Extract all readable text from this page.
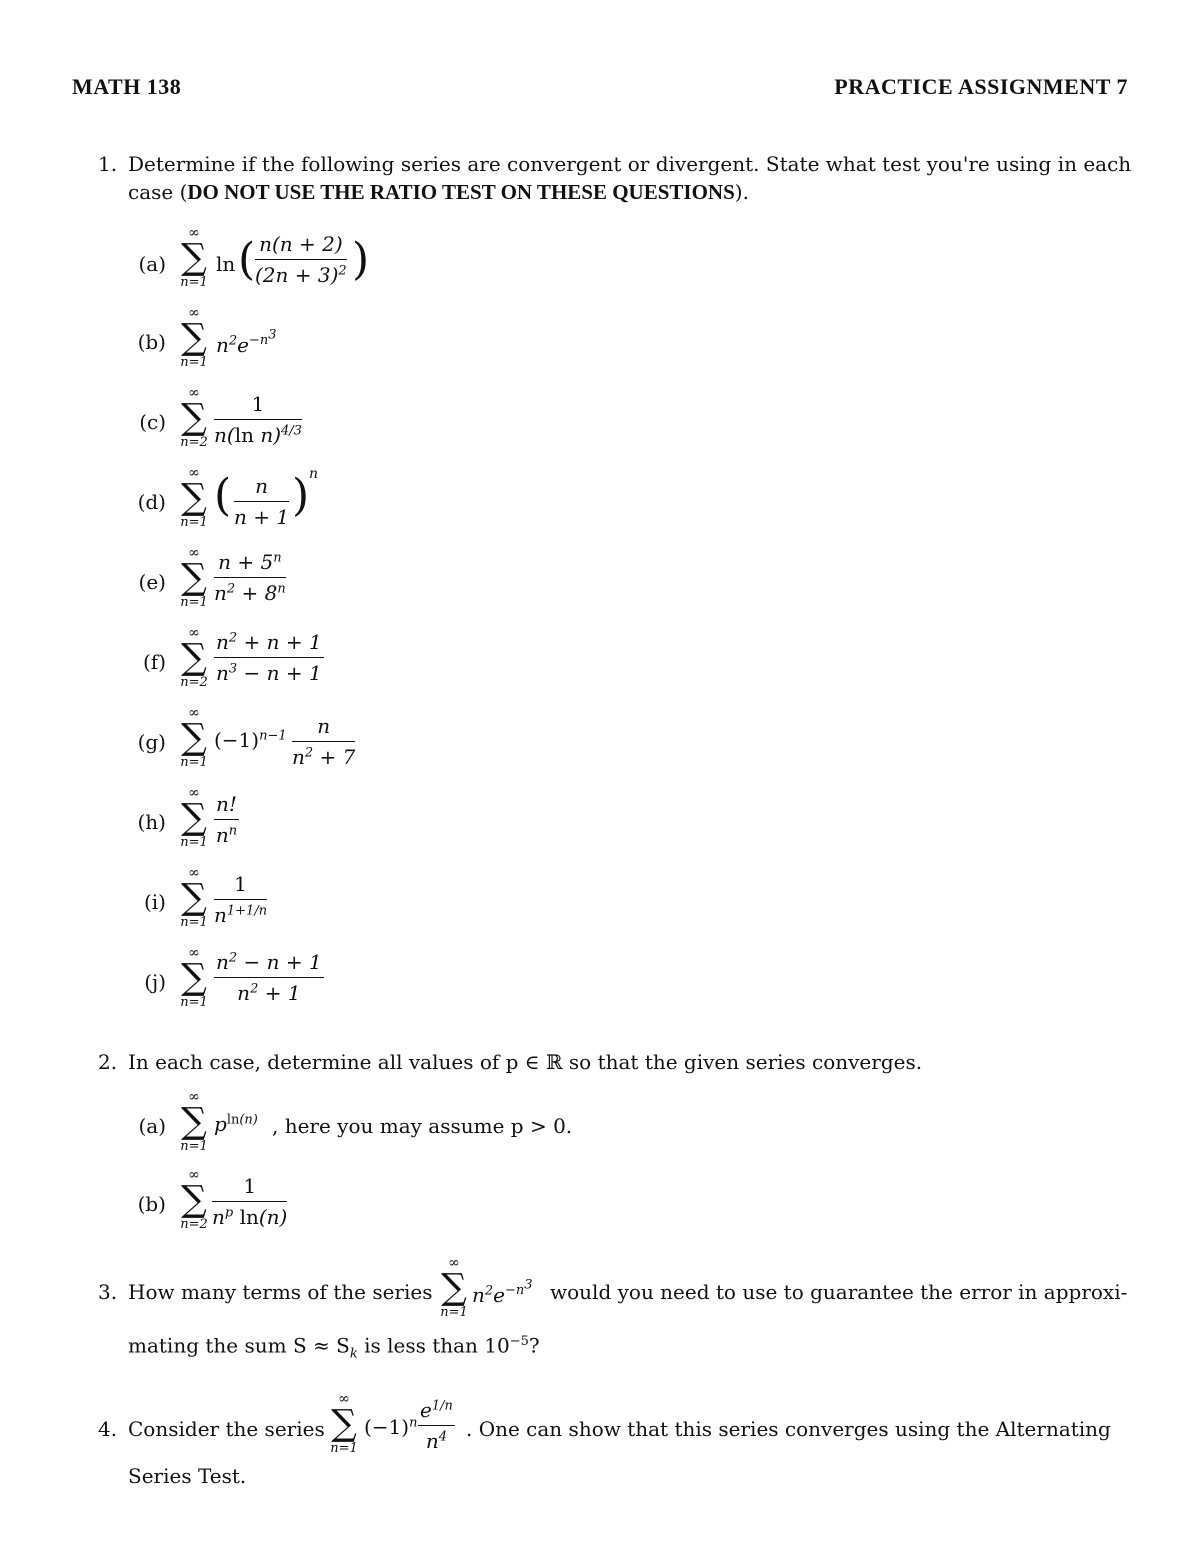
MATH 138	PRACTICE ASSIGNMENT 7
1. Determine if the following series are convergent or divergent. State what test you're using in each
case (DO NOT USE THE RATIO TEST ON THESE QUESTIONS).
(a)
∞
∑
n=1
ln ( $\frac{n(n + 2)}{(2n + 3)^2}$ )
(b)
∞
∑
n=1
$n^2e^{-n^3}$
(c)
∞
∑
$n=2 \frac{1}{n(\ln n)^{4/3}}$
(d)
∞
∑
n=1
( $\frac{n}{n + 1}$ ) n
(e)
∞
∑
$n=1 \frac{n + 5^n}{n^2 + 8^n}$
(f)
∞
∑
$n=2 \frac{n^2 + n + 1}{n^3 - n + 1}$
(g)
∞
∑
n=1
$(-1)^{n-1} \frac{n}{n^2 + 7}$
(h)
∞
∑
$n=1 \frac{n!}{n^n}$
(i)
∞
∑
$n=1 \frac{1}{n^{1+1/n}}$
(j)
∞
∑
$n=1 \frac{n^2 - n + 1}{n^2 + 1}$
2. In each case, determine all values of p ∈ ℝ so that the given series converges.
(a)
∞
∑
n=1
$p^{ln(n)}$ , here you may assume p > 0.
(b)
∞
∑
$n=2 \frac{1}{n^p \ln(n)}$
3. How many terms of the series
∞
∑
n=1
$n^2e^{-n^3}$ would you need to use to guarantee the error in approxi-
mating the sum $S \approx S_k$ is less than $10^{-5}$?
4. Consider the series
∞
∑
n=1
$(-1)^n \frac{e^{1/n}}{n^4}$ . One can show that this series converges using the Alternating
Series Test.
